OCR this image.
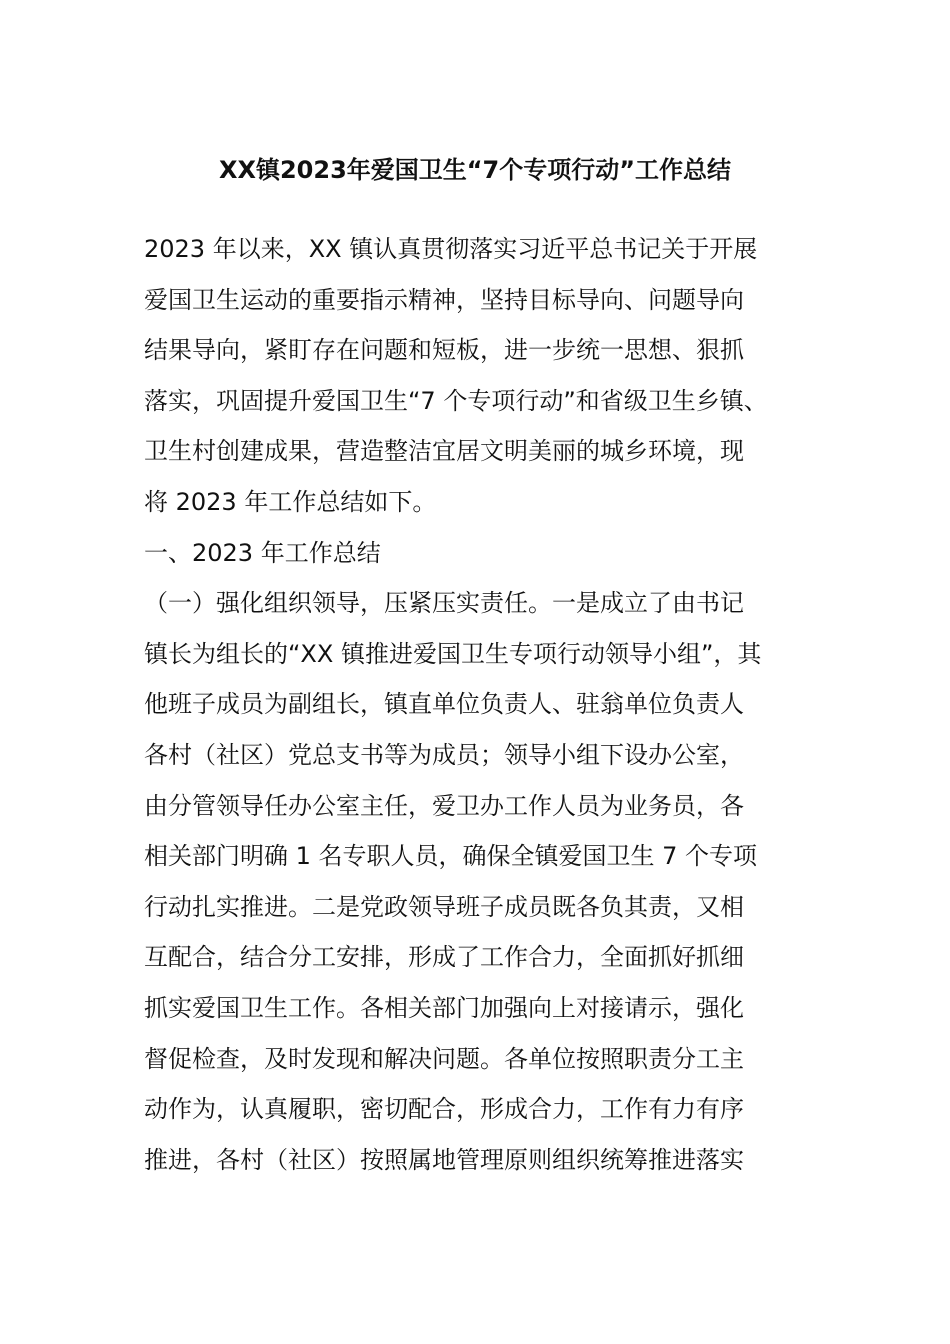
XX镇2023年爱国卫生“7个专项行动”工作总结
2023 年以来，XX 镇认真贯彻落实习近平总书记关于开展
爱国卫生运动的重要指示精神，坚持目标导向、问题导向
结果导向，紧盯存在问题和短板，进一步统一思想、狠抓
落实，巩固提升爱国卫生“7 个专项行动”和省级卫生乡镇、
卫生村创建成果，营造整洁宜居文明美丽的城乡环境，现
将 2023 年工作总结如下。
一、2023 年工作总结
（一）强化组织领导，压紧压实责任。一是成立了由书记
镇长为组长的“XX 镇推进爱国卫生专项行动领导小组”，其
他班子成员为副组长，镇直单位负责人、驻翁单位负责人
各村（社区）党总支书等为成员；领导小组下设办公室，
由分管领导任办公室主任，爱卫办工作人员为业务员，各
相关部门明确 1 名专职人员，确保全镇爱国卫生 7 个专项
行动扎实推进。二是党政领导班子成员既各负其责，又相
互配合，结合分工安排，形成了工作合力，全面抓好抓细
抓实爱国卫生工作。各相关部门加强向上对接请示，强化
督促检查，及时发现和解决问题。各单位按照职责分工主
动作为，认真履职，密切配合，形成合力，工作有力有序
推进，各村（社区）按照属地管理原则组织统筹推进落实
